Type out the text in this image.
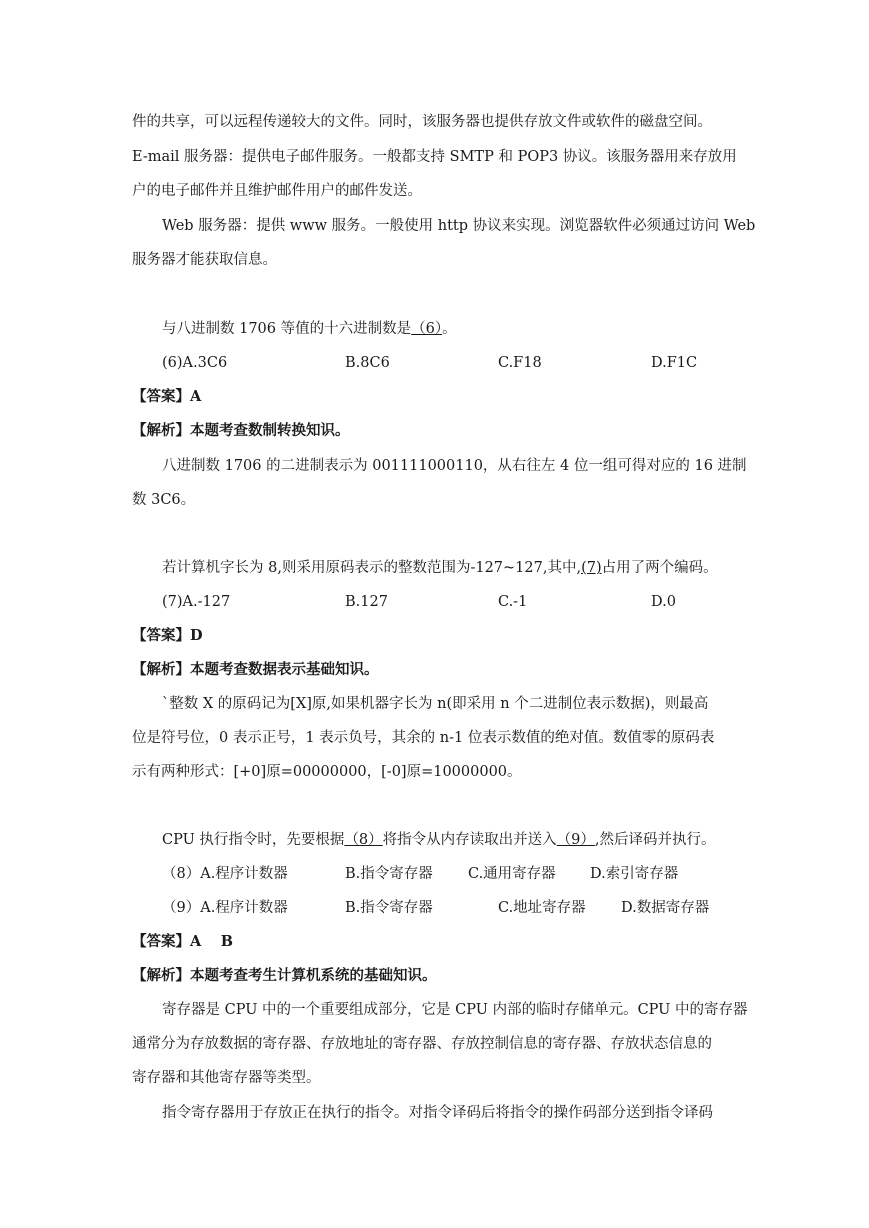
件的共享，可以远程传递较大的文件。同时，该服务器也提供存放文件或软件的磁盘空间。
E-mail 服务器：提供电子邮件服务。一般都支持 SMTP 和 POP3 协议。该服务器用来存放用
户的电子邮件并且维护邮件用户的邮件发送。
Web 服务器：提供 www 服务。一般使用 http 协议来实现。浏览器软件必须通过访问 Web
服务器才能获取信息。
与八进制数 1706 等值的十六进制数是（6）。
(6)A.3C6	B.8C6	C.F18	D.F1C
【答案】A
【解析】本题考查数制转换知识。
八进制数 1706 的二进制表示为 001111000110，从右往左 4 位一组可得对应的 16 进制
数 3C6。
若计算机字长为 8,则采用原码表示的整数范围为-127~127,其中,(7)占用了两个编码。
(7)A.-127	B.127	C.-1	D.0
【答案】D
【解析】本题考查数据表示基础知识。
`整数 X 的原码记为[X]原,如果机器字长为 n(即采用 n 个二进制位表示数据)，则最高
位是符号位，0 表示正号，1 表示负号，其余的 n-1 位表示数值的绝对值。数值零的原码表
示有两种形式：[+0]原=00000000，[-0]原=10000000。
CPU 执行指令时，先要根据（8）将指令从内存读取出并送入（9）,然后译码并执行。
（8）A.程序计数器	B.指令寄存器 C.通用寄存器 D.索引寄存器
（9）A.程序计数器	B.指令寄存器	C.地址寄存器 D.数据寄存器
【答案】A　 B
【解析】本题考查考生计算机系统的基础知识。
寄存器是 CPU 中的一个重要组成部分，它是 CPU 内部的临时存储单元。CPU 中的寄存器
通常分为存放数据的寄存器、存放地址的寄存器、存放控制信息的寄存器、存放状态信息的
寄存器和其他寄存器等类型。
指令寄存器用于存放正在执行的指令。对指令译码后将指令的操作码部分送到指令译码
